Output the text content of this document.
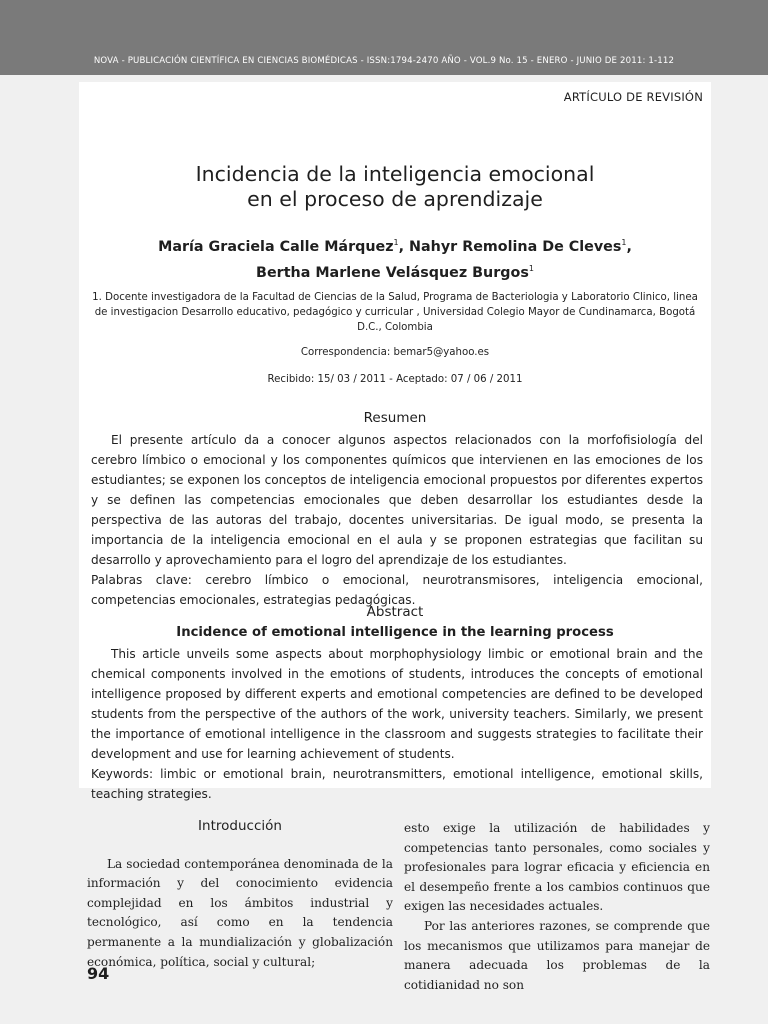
NOVA - PUBLICACIÓN CIENTÍFICA EN CIENCIAS BIOMÉDICAS - ISSN:1794-2470 AÑO - VOL.9 No. 15 - ENERO - JUNIO DE 2011: 1-112
ARTÍCULO DE REVISIÓN
Incidencia de la inteligencia emocional
en el proceso de aprendizaje
María Graciela Calle Márquez$^1$, Nahyr Remolina De Cleves$^1$,
Bertha Marlene Velásquez Burgos$^1$
1. Docente investigadora de la Facultad de Ciencias de la Salud, Programa de Bacteriologia y Laboratorio Clinico, linea de investigacion Desarrollo educativo, pedagógico y curricular , Universidad Colegio Mayor de Cundinamarca, Bogotá D.C., Colombia
Correspondencia: bemar5@yahoo.es
Recibido: 15/ 03 / 2011 - Aceptado: 07 / 06 / 2011
Resumen

El presente artículo da a conocer algunos aspectos relacionados con la morfofisiología del cerebro límbico o emocional y los componentes químicos que intervienen en las emociones de los estudiantes; se exponen los conceptos de inteligencia emocional propuestos por diferentes expertos y se definen las competencias emocionales que deben desarrollar los estudiantes desde la perspectiva de las autoras del trabajo, docentes universitarias. De igual modo, se presenta la importancia de la inteligencia emocional en el aula y se proponen estrategias que facilitan su desarrollo y aprovechamiento para el logro del aprendizaje de los estudiantes.

Palabras clave: cerebro límbico o emocional, neurotransmisores, inteligencia emocional, competencias emocionales, estrategias pedagógicas.

Abstract
Incidence of emotional intelligence in the learning process

This article unveils some aspects about morphophysiology limbic or emotional brain and the chemical components involved in the emotions of students, introduces the concepts of emotional intelligence proposed by different experts and emotional competencies are defined to be developed students from the perspective of the authors of the work, university teachers. Similarly, we present the importance of emotional intelligence in the classroom and suggests strategies to facilitate their development and use for learning achievement of students.

Keywords: limbic or emotional brain, neurotransmitters, emotional intelligence, emotional skills, teaching strategies.

Introducción

La sociedad contemporánea denominada de la información y del conocimiento evidencia complejidad en los ámbitos industrial y tecnológico, así como en la tendencia permanente a la mundialización y globalización económica, política, social y cultural;

esto exige la utilización de habilidades y competencias tanto personales, como sociales y profesionales para lograr eficacia y eficiencia en el desempeño frente a los cambios continuos que exigen las necesidades actuales.

Por las anteriores razones, se comprende que los mecanismos que utilizamos para manejar de manera adecuada los problemas de la cotidianidad no son

94
